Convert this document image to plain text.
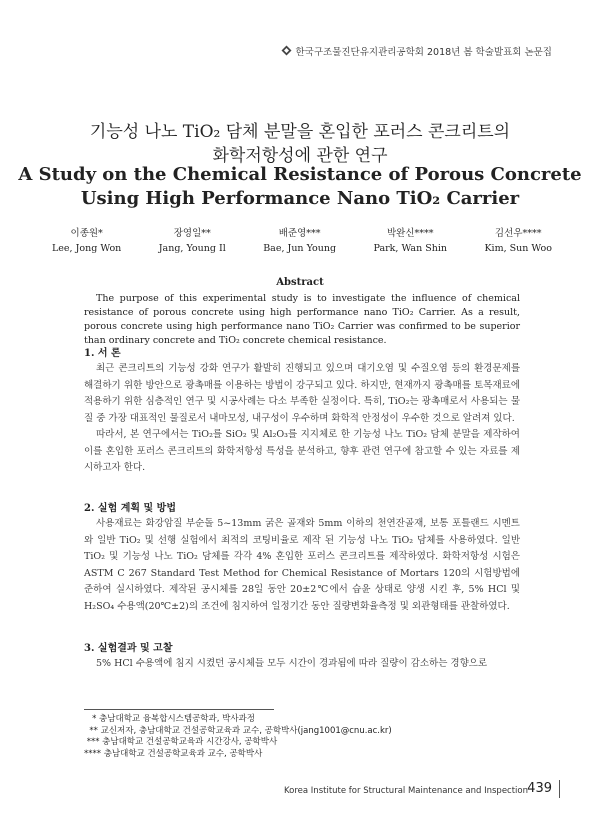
한국구조물진단유지관리공학회 2018년 봄 학술발표회 논문집
기능성 나노 TiO₂ 담체 분말을 혼입한 포러스 콘크리트의
화학저항성에 관한 연구
A Study on the Chemical Resistance of Porous Concrete
Using High Performance Nano TiO₂ Carrier
이종원*
Lee, Jong Won
장영일**
Jang, Young Il
배준영***
Bae, Jun Young
박완신****
Park, Wan Shin
김선우****
Kim, Sun Woo
Abstract
The purpose of this experimental study is to investigate the influence of chemical resistance of porous concrete using high performance nano TiO₂ Carrier. As a result, porous concrete using high performance nano TiO₂ Carrier was confirmed to be superior than ordinary concrete and TiO₂ concrete chemical resistance.
1. 서 론

최근 콘크리트의 기능성 강화 연구가 활발히 진행되고 있으며 대기오염 및 수질오염 등의 환경문제를 해결하기 위한 방안으로 광촉매를 이용하는 방법이 강구되고 있다. 하지만, 현재까지 광촉매를 토목재료에 적용하기 위한 심층적인 연구 및 시공사례는 다소 부족한 실정이다. 특히, TiO₂는 광촉매로서 사용되는 물질 중 가장 대표적인 물질로서 내마모성, 내구성이 우수하며 화학적 안정성이 우수한 것으로 알려져 있다.

따라서, 본 연구에서는 TiO₂를 SiO₂ 및 Al₂O₃를 지지체로 한 기능성 나노 TiO₂ 담체 분말을 제작하여 이를 혼입한 포러스 콘크리트의 화학저항성 특성을 분석하고, 향후 관련 연구에 참고할 수 있는 자료를 제시하고자 한다.

2. 실험 계획 및 방법

사용재료는 화강암질 부순돌 5~13mm 굵은 골재와 5mm 이하의 천연잔골재, 보통 포틀랜드 시멘트와 일반 TiO₂ 및 선행 실험에서 최적의 코팅비율로 제작 된 기능성 나노 TiO₂ 담체를 사용하였다. 일반 TiO₂ 및 기능성 나노 TiO₂ 담체를 각각 4% 혼입한 포러스 콘크리트를 제작하였다. 화학저항성 시험은 ASTM C 267 Standard Test Method for Chemical Resistance of Mortars 120의 시험방법에 준하여 실시하였다. 제작된 공시체를 28일 동안 20±2℃에서 습윤 상태로 양생 시킨 후, 5% HCl 및 H₂SO₄ 수용액(20℃±2)의 조건에 침지하여 일정기간 동안 질량변화율측정 및 외관형태를 관찰하였다.

3. 실험결과 및 고찰

5% HCl 수용액에 침지 시켰던 공시체들 모두 시간이 경과됨에 따라 질량이 감소하는 경향으로

* 충남대학교 융복합시스템공학과, 박사과정
** 교신저자, 충남대학교 건설공학교육과 교수, 공학박사(jang1001@cnu.ac.kr)
*** 충남대학교 건설공학교육과 시간강사, 공학박사
**** 충남대학교 건설공학교육과 교수, 공학박사
Korea Institute for Structural Maintenance and Inspection 439
